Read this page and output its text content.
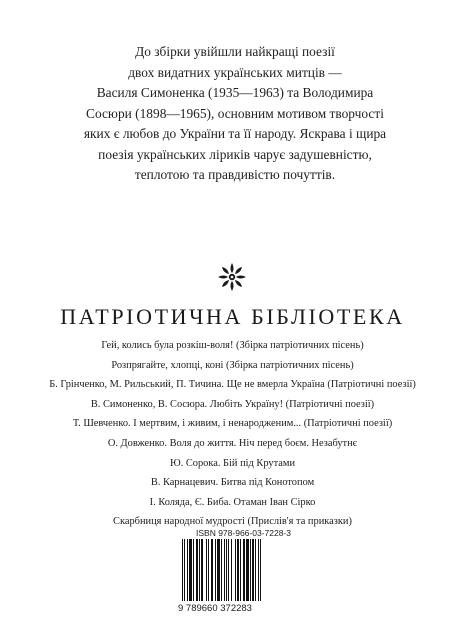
До збірки увійшли найкращі поезії
двох видатних українських митців —
Василя Симоненка (1935—1963) та Володимира
Сосюри (1898—1965), основним мотивом творчості
яких є любов до України та її народу. Яскрава і щира
поезія українських ліриків чарує задушевністю,
теплотою та правдивістю почуттів.
ПАТРІОТИЧНА БІБЛІОТЕКА
Гей, колись була розкіш-воля! (Збірка патріотичних пісень)
Розпрягайте, хлопці, коні (Збірка патріотичних пісень)
Б. Грінченко, М. Рильський, П. Тичина. Ще не вмерла Україна (Патріотичні поезії)
В. Симоненко, В. Сосюра. Любіть Україну! (Патріотичні поезії)
Т. Шевченко. І мертвим, і живим, і ненародженим... (Патріотичні поезії)
О. Довженко. Воля до життя. Ніч перед боєм. Незабутнє
Ю. Сорока. Бій під Крутами
В. Карнацевич. Битва під Конотопом
І. Коляда, Є. Биба. Отаман Іван Сірко
Скарбниця народної мудрості (Прислів'я та приказки)
ISBN 978-966-03-7228-3
9 789660 372283
